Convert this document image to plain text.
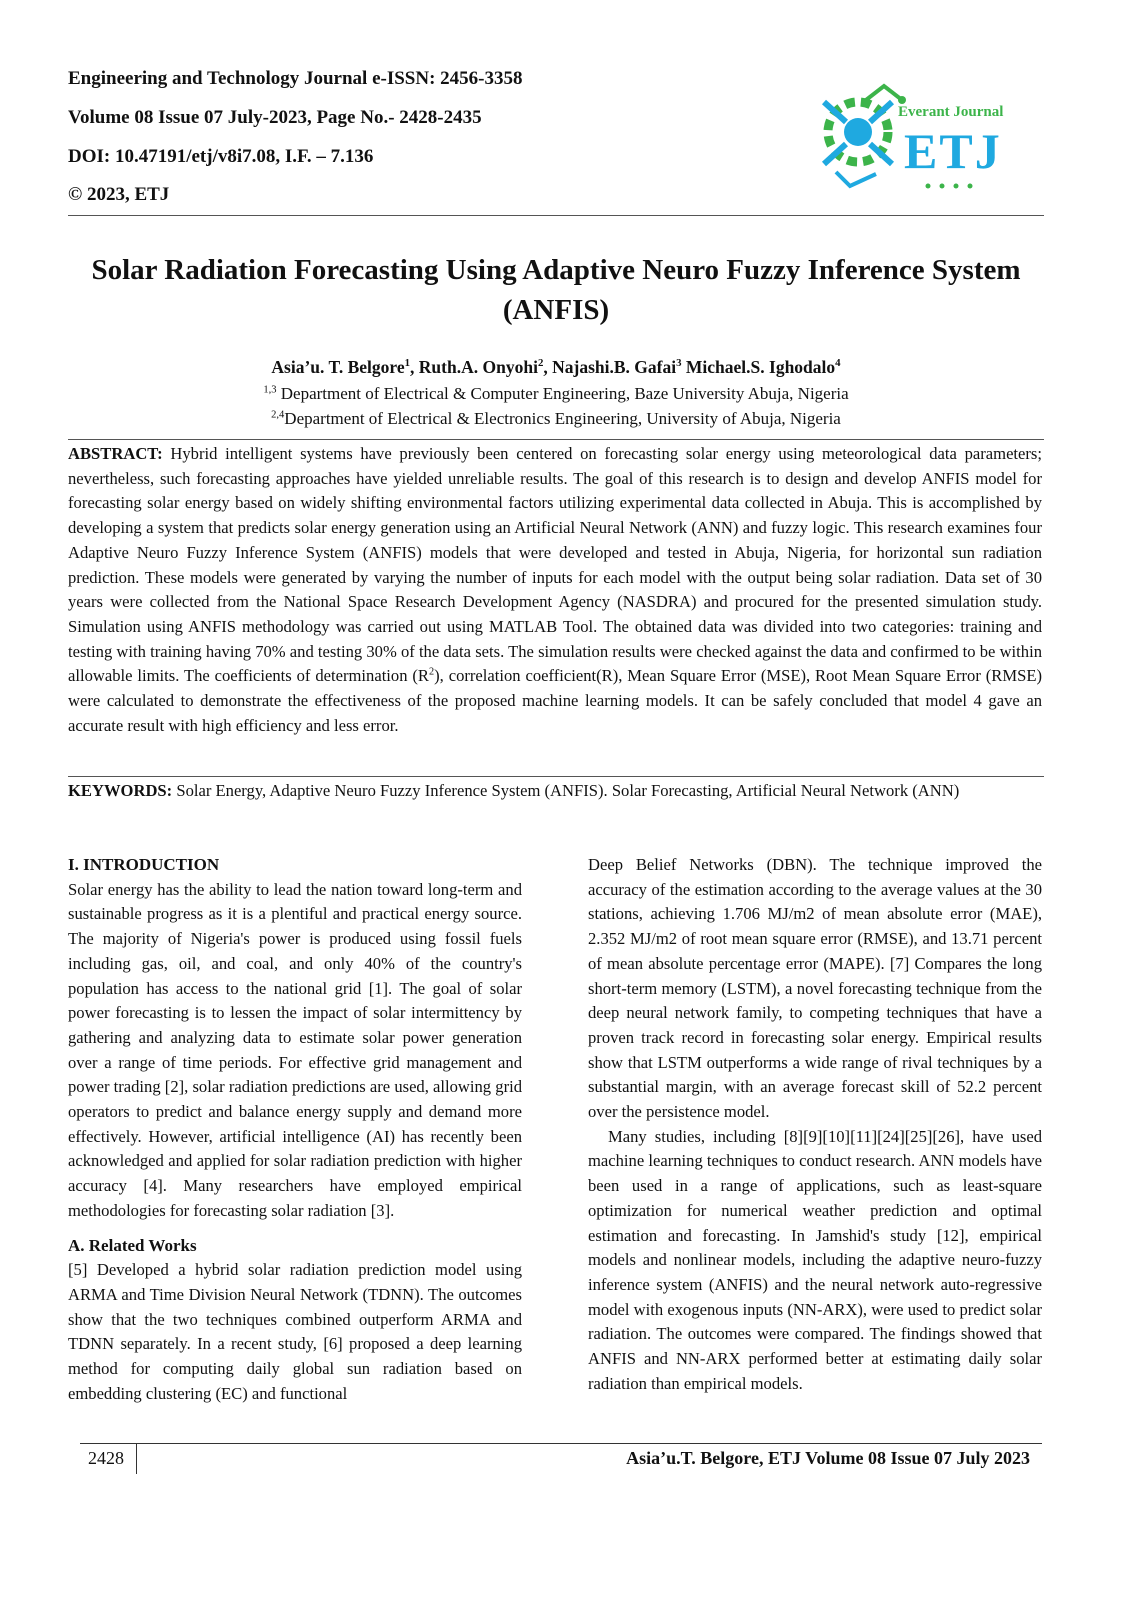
Engineering and Technology Journal e-ISSN: 2456-3358
Volume 08 Issue 07 July-2023, Page No.- 2428-2435
DOI: 10.47191/etj/v8i7.08, I.F. – 7.136
© 2023, ETJ
Everant Journal
ETJ
Solar Radiation Forecasting Using Adaptive Neuro Fuzzy Inference System
(ANFIS)
Asia’u. T. Belgore$^1$, Ruth.A. Onyohi$^2$, Najashi.B. Gafai$^3$ Michael.S. Ighodalo$^4$
$^{1,3}$ Department of Electrical & Computer Engineering, Baze University Abuja, Nigeria
$^{2,4}$Department of Electrical & Electronics Engineering, University of Abuja, Nigeria
ABSTRACT: Hybrid intelligent systems have previously been centered on forecasting solar energy using meteorological data parameters; nevertheless, such forecasting approaches have yielded unreliable results. The goal of this research is to design and develop ANFIS model for forecasting solar energy based on widely shifting environmental factors utilizing experimental data collected in Abuja. This is accomplished by developing a system that predicts solar energy generation using an Artificial Neural Network (ANN) and fuzzy logic. This research examines four Adaptive Neuro Fuzzy Inference System (ANFIS) models that were developed and tested in Abuja, Nigeria, for horizontal sun radiation prediction. These models were generated by varying the number of inputs for each model with the output being solar radiation. Data set of 30 years were collected from the National Space Research Development Agency (NASDRA) and procured for the presented simulation study. Simulation using ANFIS methodology was carried out using MATLAB Tool. The obtained data was divided into two categories: training and testing with training having 70% and testing 30% of the data sets. The simulation results were checked against the data and confirmed to be within allowable limits. The coefficients of determination $(R^2)$, correlation coefficient(R), Mean Square Error (MSE), Root Mean Square Error (RMSE) were calculated to demonstrate the effectiveness of the proposed machine learning models. It can be safely concluded that model 4 gave an accurate result with high efficiency and less error.
KEYWORDS: Solar Energy, Adaptive Neuro Fuzzy Inference System (ANFIS). Solar Forecasting, Artificial Neural Network (ANN)
I. INTRODUCTION
Solar energy has the ability to lead the nation toward long-term and sustainable progress as it is a plentiful and practical energy source. The majority of Nigeria's power is produced using fossil fuels including gas, oil, and coal, and only 40% of the country's population has access to the national grid [1]. The goal of solar power forecasting is to lessen the impact of solar intermittency by gathering and analyzing data to estimate solar power generation over a range of time periods. For effective grid management and power trading [2], solar radiation predictions are used, allowing grid operators to predict and balance energy supply and demand more effectively. However, artificial intelligence (AI) has recently been acknowledged and applied for solar radiation prediction with higher accuracy [4]. Many researchers have employed empirical methodologies for forecasting solar radiation [3].
A. Related Works
[5] Developed a hybrid solar radiation prediction model using ARMA and Time Division Neural Network (TDNN). The outcomes show that the two techniques combined outperform ARMA and TDNN separately. In a recent study, [6] proposed a deep learning method for computing daily global sun radiation based on embedding clustering (EC) and functional
Deep Belief Networks (DBN). The technique improved the accuracy of the estimation according to the average values at the 30 stations, achieving 1.706 MJ/m2 of mean absolute error (MAE), 2.352 MJ/m2 of root mean square error (RMSE), and 13.71 percent of mean absolute percentage error (MAPE). [7] Compares the long short-term memory (LSTM), a novel forecasting technique from the deep neural network family, to competing techniques that have a proven track record in forecasting solar energy. Empirical results show that LSTM outperforms a wide range of rival techniques by a substantial margin, with an average forecast skill of 52.2 percent over the persistence model.
Many studies, including [8][9][10][11][24][25][26], have used machine learning techniques to conduct research. ANN models have been used in a range of applications, such as least-square optimization for numerical weather prediction and optimal estimation and forecasting. In Jamshid's study [12], empirical models and nonlinear models, including the adaptive neuro-fuzzy inference system (ANFIS) and the neural network auto-regressive model with exogenous inputs (NN-ARX), were used to predict solar radiation. The outcomes were compared. The findings showed that ANFIS and NN-ARX performed better at estimating daily solar radiation than empirical models.
2428	Asia’u.T. Belgore, ETJ Volume 08 Issue 07 July 2023
